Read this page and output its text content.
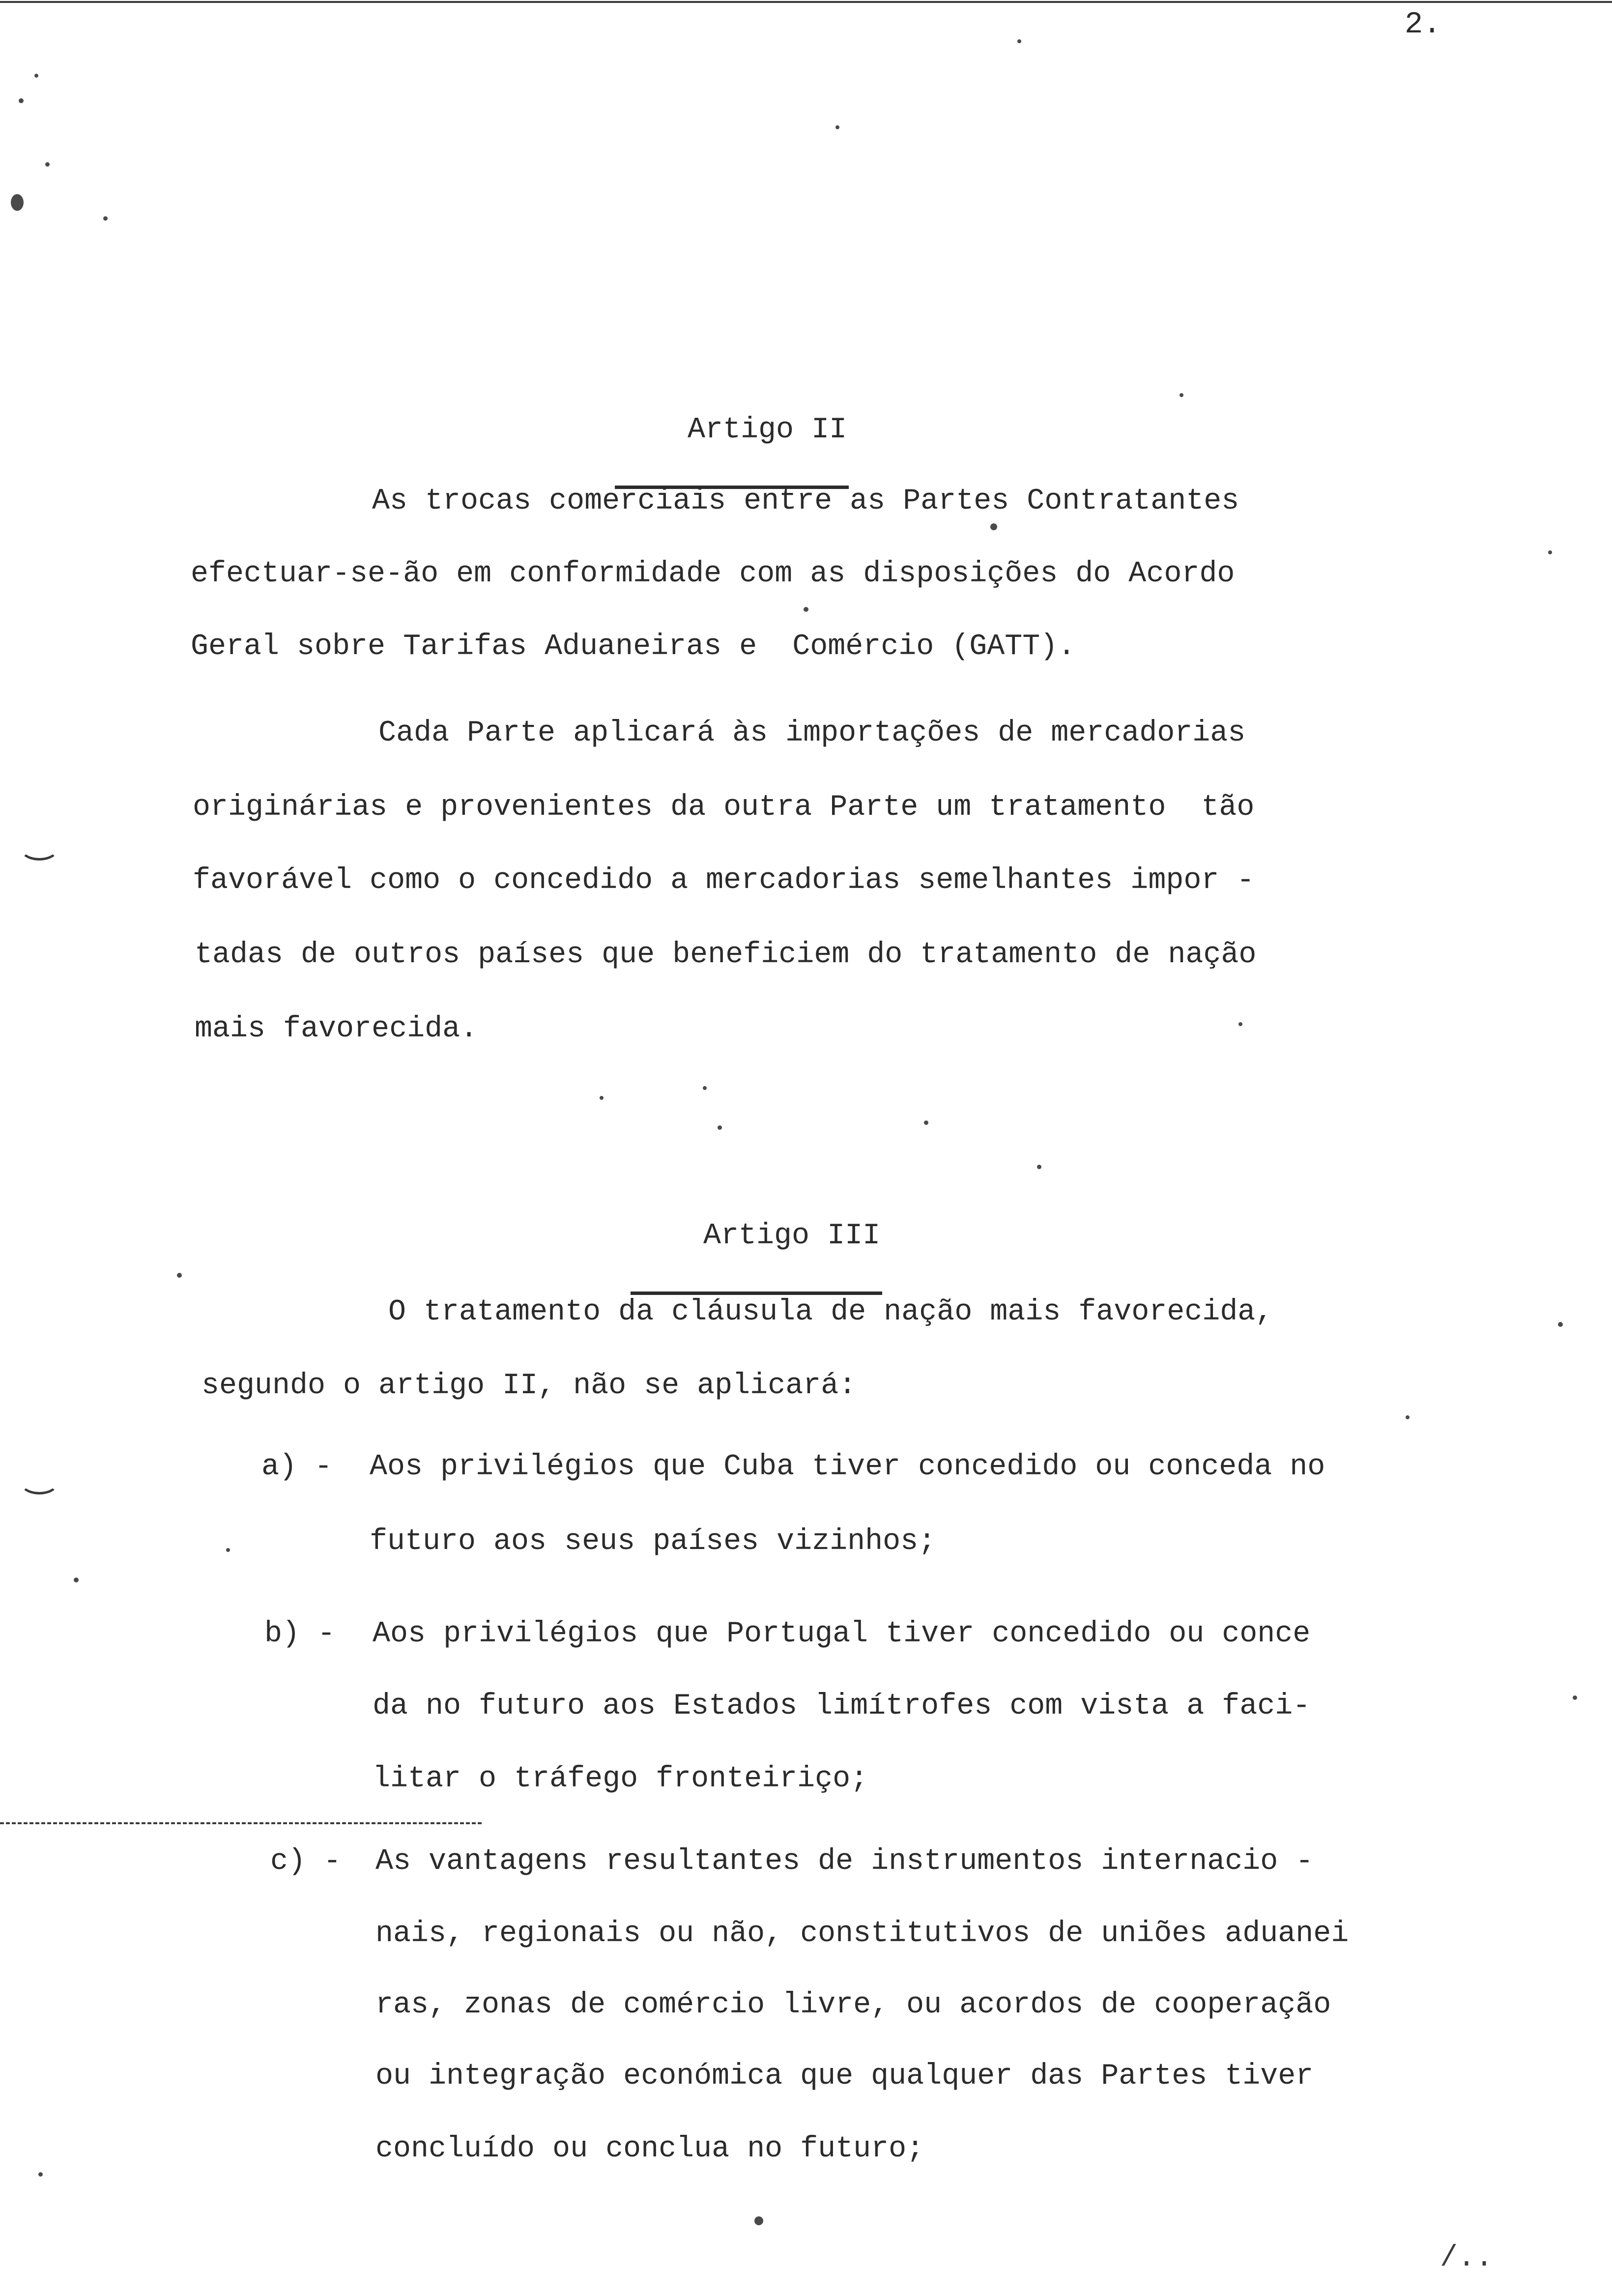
2.

Artigo II

As trocas comerciais entre as Partes Contratantes
efectuar-se-ão em conformidade com as disposições do Acordo
Geral sobre Tarifas Aduaneiras e  Comércio (GATT).
Cada Parte aplicará às importações de mercadorias
originárias e provenientes da outra Parte um tratamento  tão
favorável como o concedido a mercadorias semelhantes impor -
tadas de outros países que beneficiem do tratamento de nação
mais favorecida.

Artigo III

O tratamento da cláusula de nação mais favorecida,
segundo o artigo II, não se aplicará:
a) - Aos privilégios que Cuba tiver concedido ou conceda no
futuro aos seus países vizinhos;
b) - Aos privilégios que Portugal tiver concedido ou conce
da no futuro aos Estados limítrofes com vista a faci-
litar o tráfego fronteiriço;
c) - As vantagens resultantes de instrumentos internacio -
nais, regionais ou não, constitutivos de uniões aduanei
ras, zonas de comércio livre, ou acordos de cooperação
ou integração económica que qualquer das Partes tiver
concluído ou conclua no futuro;
/..
